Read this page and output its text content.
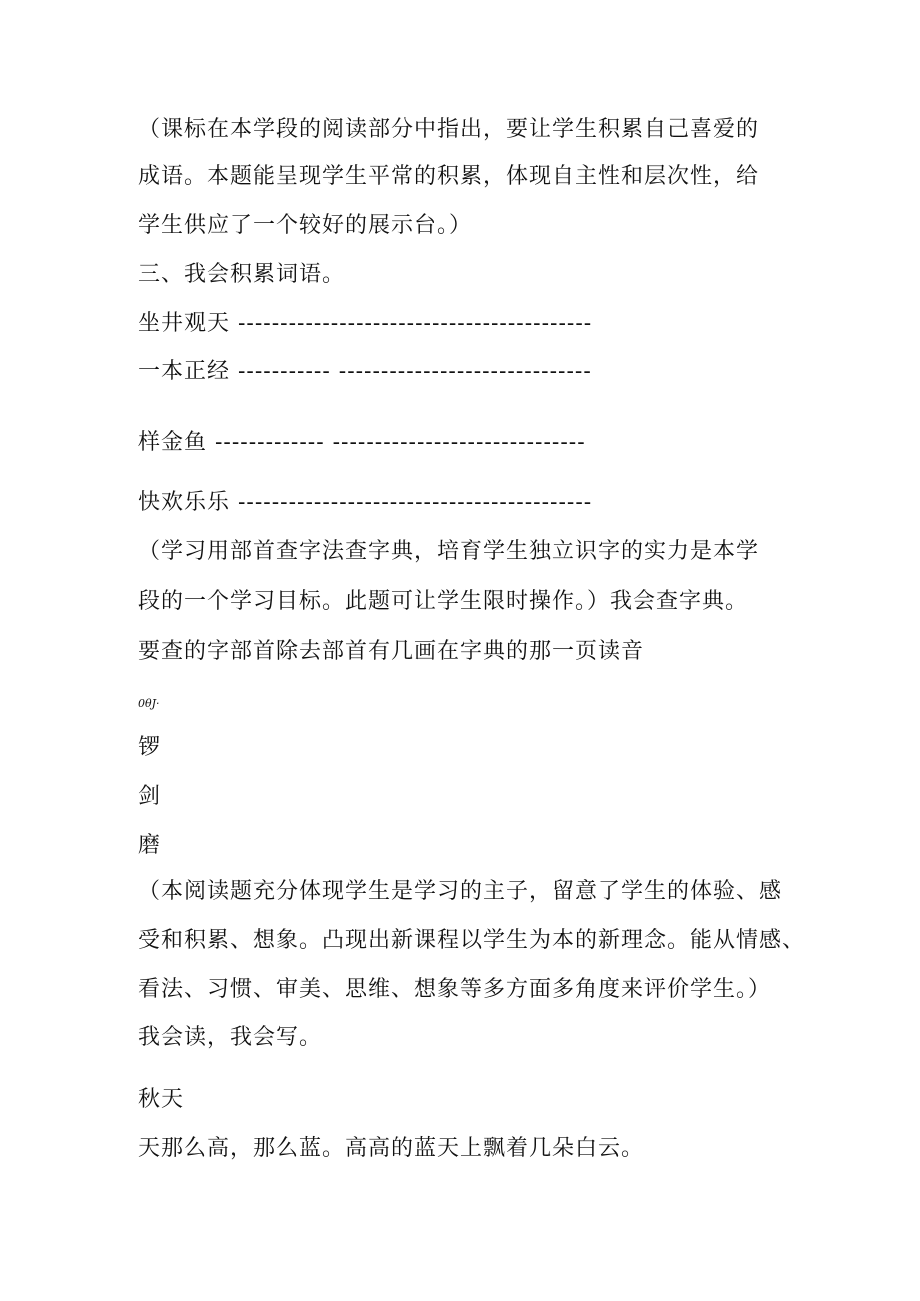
（课标在本学段的阅读部分中指出，要让学生积累自己喜爱的
成语。本题能呈现学生平常的积累，体现自主性和层次性，给
学生供应了一个较好的展示台。）
三、我会积累词语。
坐井观天 ------------------------------------------
一本正经 ----------- ------------------------------
样金鱼 ------------- ------------------------------
快欢乐乐 ------------------------------------------
（学习用部首查字法查字典，培育学生独立识字的实力是本学
段的一个学习目标。此题可让学生限时操作。）我会查字典。
要查的字部首除去部首有几画在字典的那一页读音
0θJ·
锣
剑
磨
（本阅读题充分体现学生是学习的主子，留意了学生的体验、感
受和积累、想象。凸现出新课程以学生为本的新理念。能从情感、
看法、习惯、审美、思维、想象等多方面多角度来评价学生。）
我会读，我会写。
秋天
天那么高，那么蓝。高高的蓝天上飘着几朵白云。
